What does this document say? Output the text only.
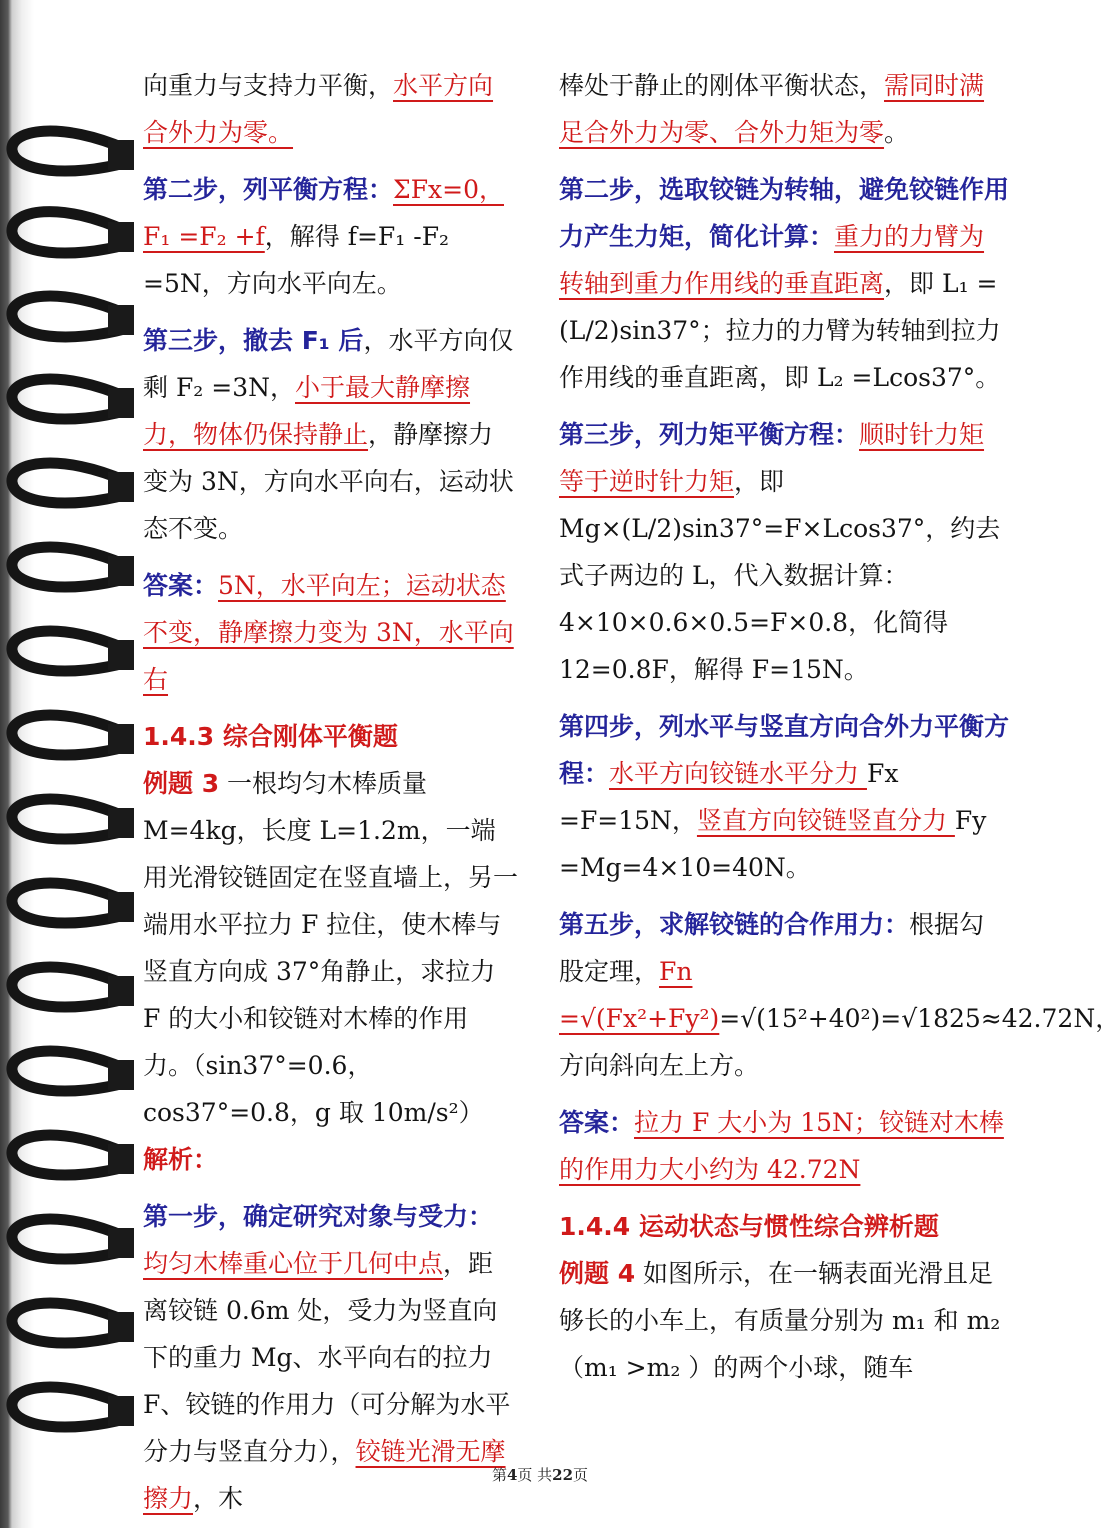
向重力与支持力平衡，水平方向合外力为零。

第二步，列平衡方程：ΣFx=0，F₁ =F₂ +f，解得 f=F₁ -F₂ =5N，方向水平向左。

第三步，撤去 F₁ 后，水平方向仅剩 F₂ =3N，小于最大静摩擦力，物体仍保持静止，静摩擦力变为 3N，方向水平向右，运动状态不变。

答案：5N，水平向左；运动状态不变，静摩擦力变为 3N，水平向右

1.4.3 综合刚体平衡题

例题 3 一根均匀木棒质量 M=4kg，长度 L=1.2m，一端用光滑铰链固定在竖直墙上，另一端用水平拉力 F 拉住，使木棒与竖直方向成 37°角静止，求拉力 F 的大小和铰链对木棒的作用力。（sin37°=0.6，cos37°=0.8，g 取 10m/s²）

解析：

第一步，确定研究对象与受力：均匀木棒重心位于几何中点，距离铰链 0.6m 处，受力为竖直向下的重力 Mg、水平向右的拉力 F、铰链的作用力（可分解为水平分力与竖直分力），铰链光滑无摩擦力，木

棒处于静止的刚体平衡状态，需同时满足合外力为零、合外力矩为零。

第二步，选取铰链为转轴，避免铰链作用力产生力矩，简化计算：重力的力臂为转轴到重力作用线的垂直距离，即 L₁ =(L/2)sin37°；拉力的力臂为转轴到拉力作用线的垂直距离，即 L₂ =Lcos37°。

第三步，列力矩平衡方程：顺时针力矩等于逆时针力矩，即 Mg×(L/2)sin37°=F×Lcos37°，约去式子两边的 L，代入数据计算：4×10×0.6×0.5=F×0.8，化简得 12=0.8F，解得 F=15N。

第四步，列水平与竖直方向合外力平衡方程：水平方向铰链水平分力 Fx =F=15N，竖直方向铰链竖直分力 Fy =Mg=4×10=40N。

第五步，求解铰链的合作用力：根据勾股定理，Fn =√(Fx²+Fy²)=√(15²+40²)=√1825≈42.72N，方向斜向左上方。

答案：拉力 F 大小为 15N；铰链对木棒的作用力大小约为 42.72N

1.4.4 运动状态与惯性综合辨析题

例题 4 如图所示，在一辆表面光滑且足够长的小车上，有质量分别为 m₁ 和 m₂ （m₁ >m₂ ）的两个小球，随车

第4页 共22页
